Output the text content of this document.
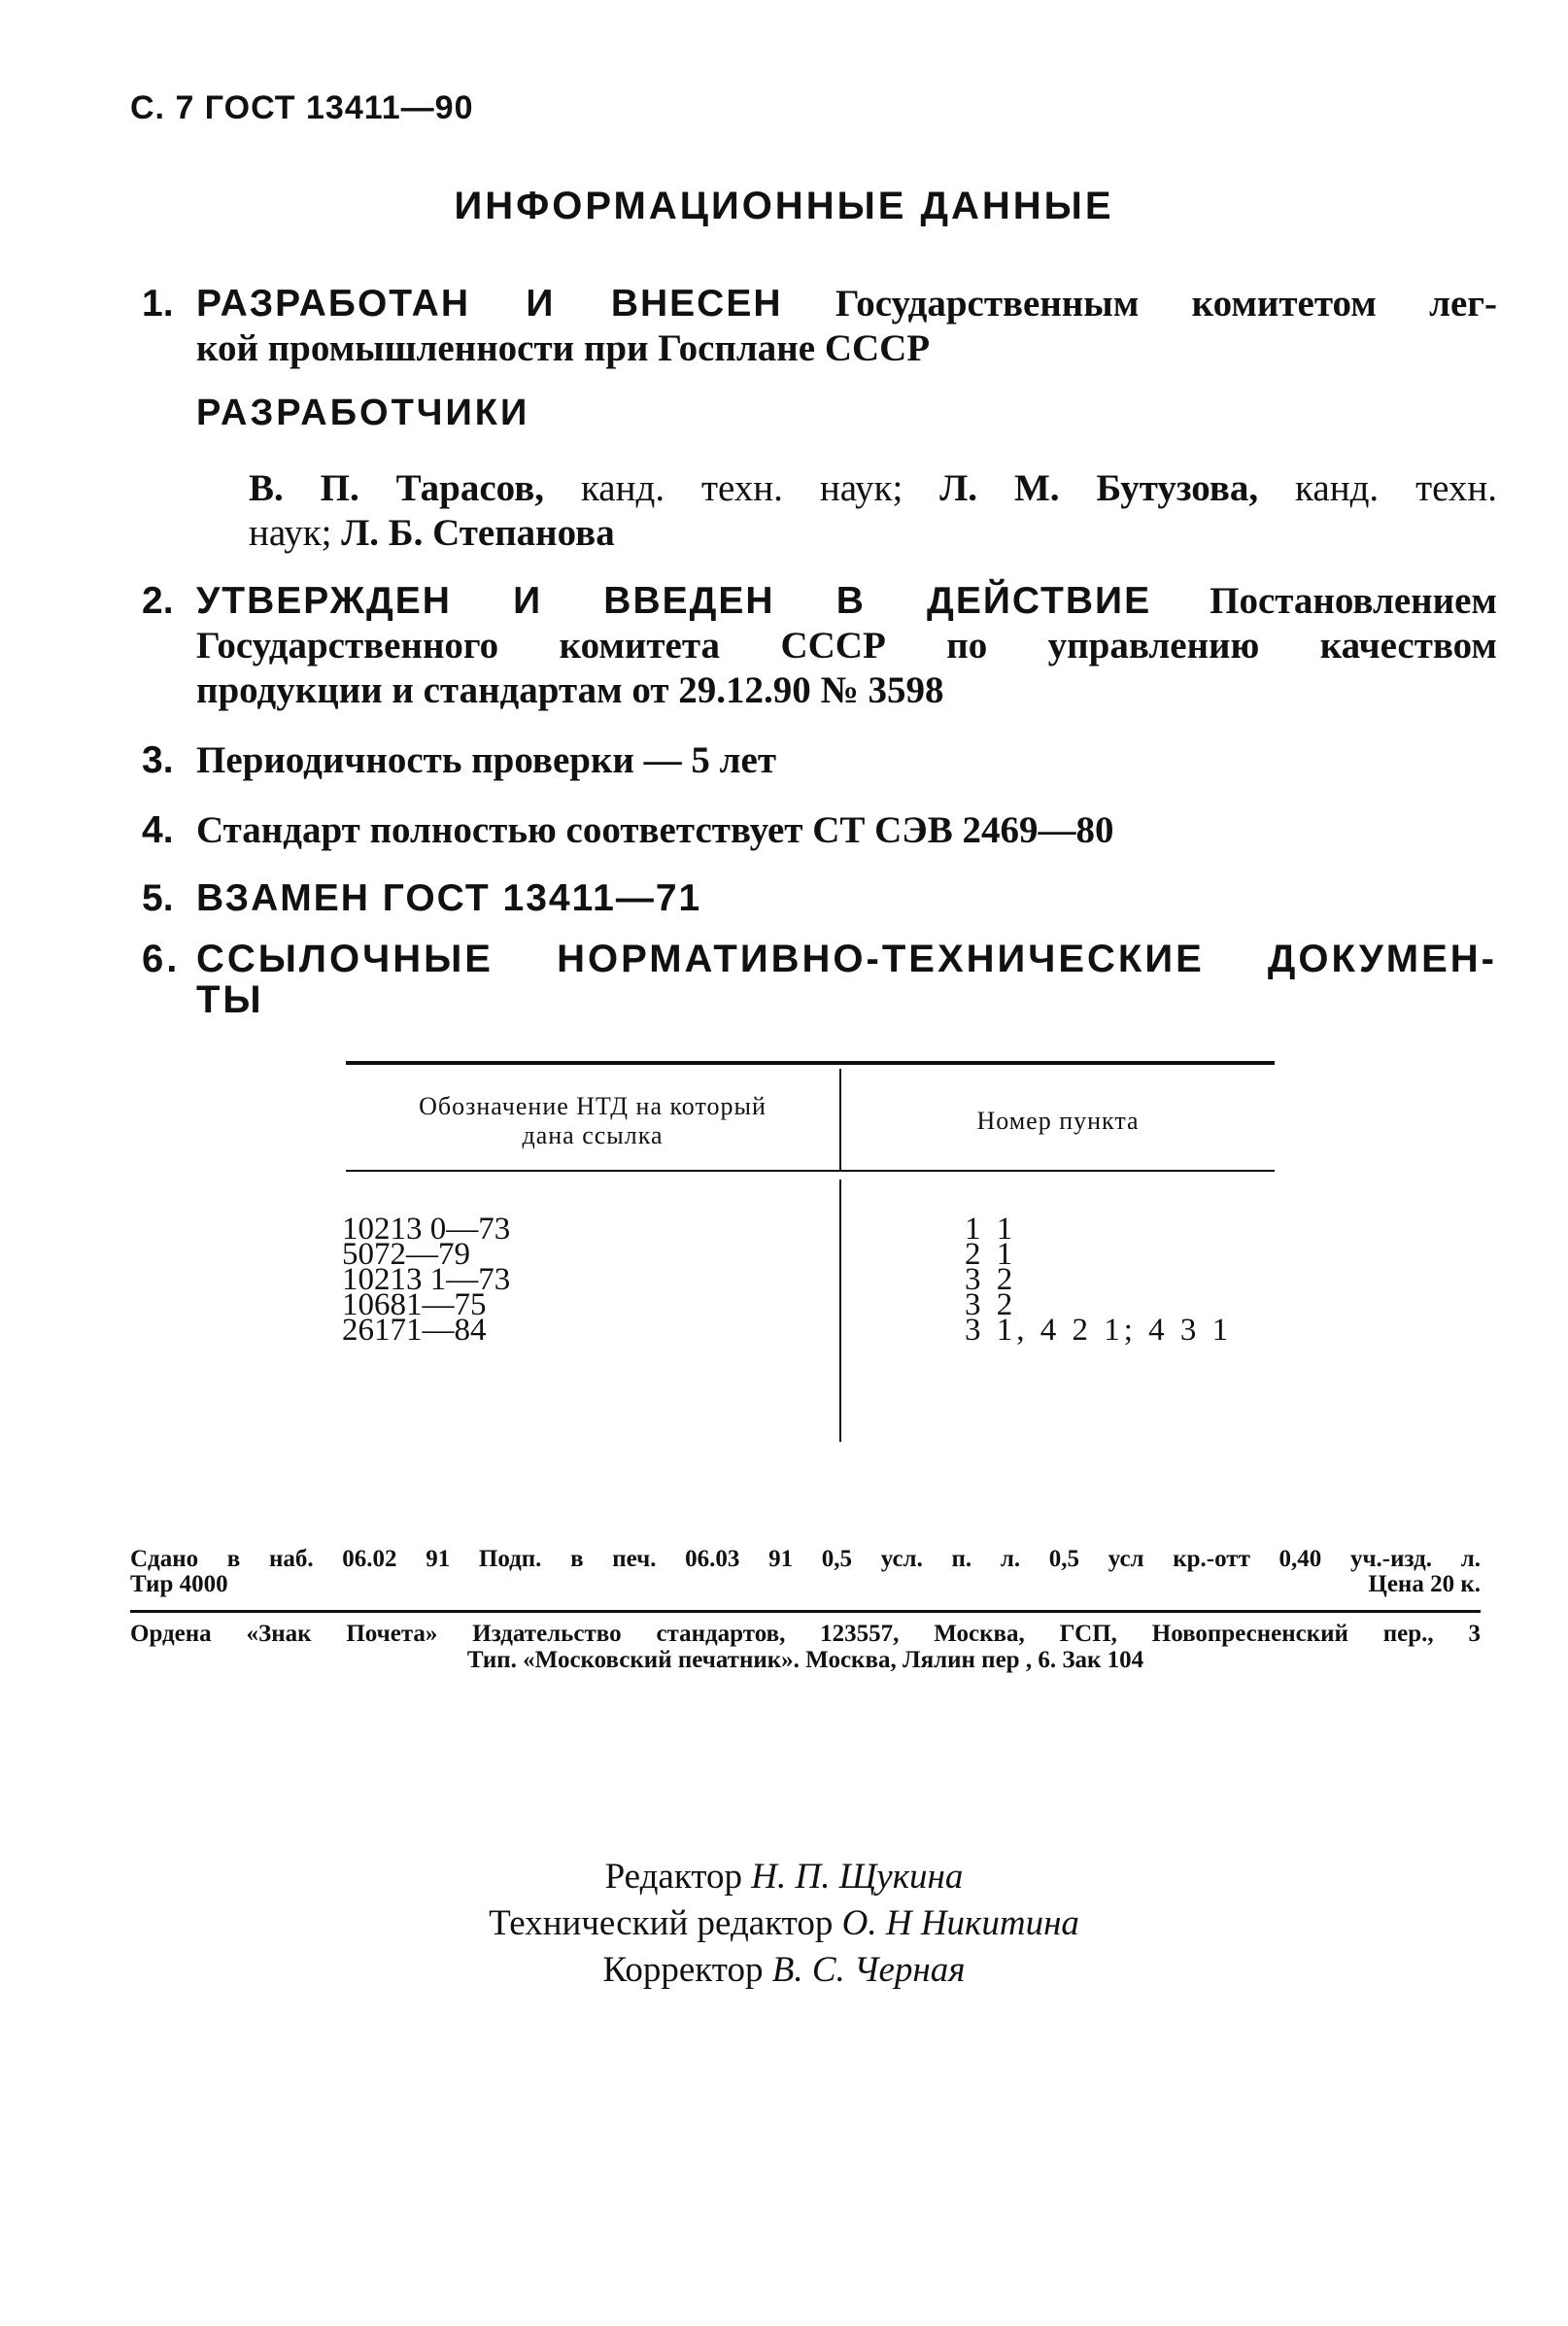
С. 7 ГОСТ 13411—90
ИНФОРМАЦИОННЫЕ ДАННЫЕ
1. РАЗРАБОТАН И ВНЕСЕН Государственным комитетом лег-
кой промышленности при Госплане СССР
РАЗРАБОТЧИКИ
В. П. Тарасов, канд. техн. наук; Л. М. Бутузова, канд. техн.
наук; Л. Б. Степанова
2. УТВЕРЖДЕН И ВВЕДЕН В ДЕЙСТВИЕ Постановлением
Государственного комитета СССР по управлению качеством
продукции и стандартам от 29.12.90 № 3598
3. Периодичность проверки — 5 лет
4. Стандарт полностью соответствует СТ СЭВ 2469—80
5. ВЗАМЕН ГОСТ 13411—71
6. ССЫЛОЧНЫЕ НОРМАТИВНО-ТЕХНИЧЕСКИЕ ДОКУМЕН-
ТЫ
Обозначение НТД на который
дана ссылка
Номер пункта
10213 0—73
5072—79
10213 1—73
10681—75
26171—84
1 1
2 1
3 2
3 2
3 1, 4 2 1; 4 3 1
Редактор Н. П. Щукина
Технический редактор О. Н Никитина
Корректор В. С. Черная
Сдано в наб. 06.02 91 Подп. в печ. 06.03 91 0,5 усл. п. л. 0,5 усл кр.-отт 0,40 уч.-изд. л.
Тир 4000	Цена 20 к.
Ордена «Знак Почета» Издательство стандартов, 123557, Москва, ГСП, Новопресненский пер., 3
Тип. «Московский печатник». Москва, Лялин пер , 6. Зак 104
